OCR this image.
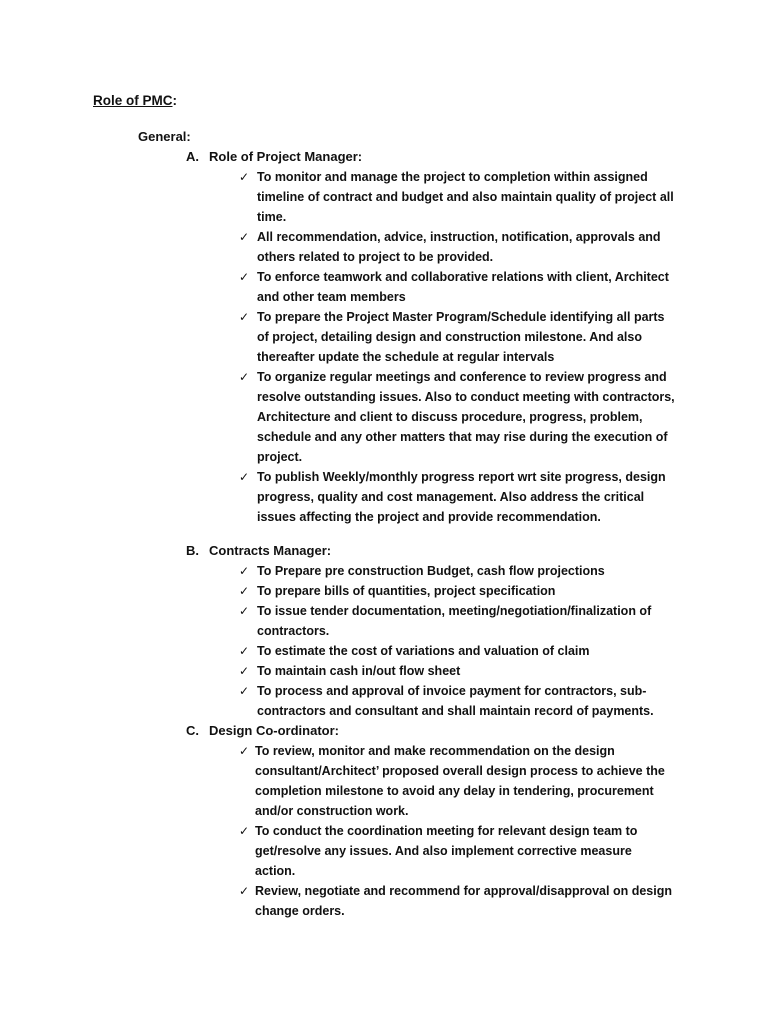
Role of PMC:
General:
A. Role of Project Manager:
✓ To monitor and manage the project to completion within assigned timeline of contract and budget and also maintain quality of project all time.
✓ All recommendation, advice, instruction, notification, approvals and others related to project to be provided.
✓ To enforce teamwork and collaborative relations with client, Architect and other team members
✓ To prepare the Project Master Program/Schedule identifying all parts of project, detailing design and construction milestone. And also thereafter update the schedule at regular intervals
✓ To organize regular meetings and conference to review progress and resolve outstanding issues. Also to conduct meeting with contractors, Architecture and client to discuss procedure, progress, problem, schedule and any other matters that may rise during the execution of project.
✓ To publish Weekly/monthly progress report wrt site progress, design progress, quality and cost management. Also address the critical issues affecting the project and provide recommendation.
B. Contracts Manager:
✓ To Prepare pre construction Budget, cash flow projections
✓ To prepare bills of quantities, project specification
✓ To issue tender documentation, meeting/negotiation/finalization of contractors.
✓ To estimate the cost of variations and valuation of claim
✓ To maintain cash in/out flow sheet
✓ To process and approval of invoice payment for contractors, sub-contractors and consultant and shall maintain record of payments.
C. Design Co-ordinator:
✓ To review, monitor and make recommendation on the design consultant/Architect’ proposed overall design process to achieve the completion milestone to avoid any delay in tendering, procurement and/or construction work.
✓ To conduct the coordination meeting for relevant design team to get/resolve any issues. And also implement corrective measure action.
✓ Review, negotiate and recommend for approval/disapproval on design change orders.
